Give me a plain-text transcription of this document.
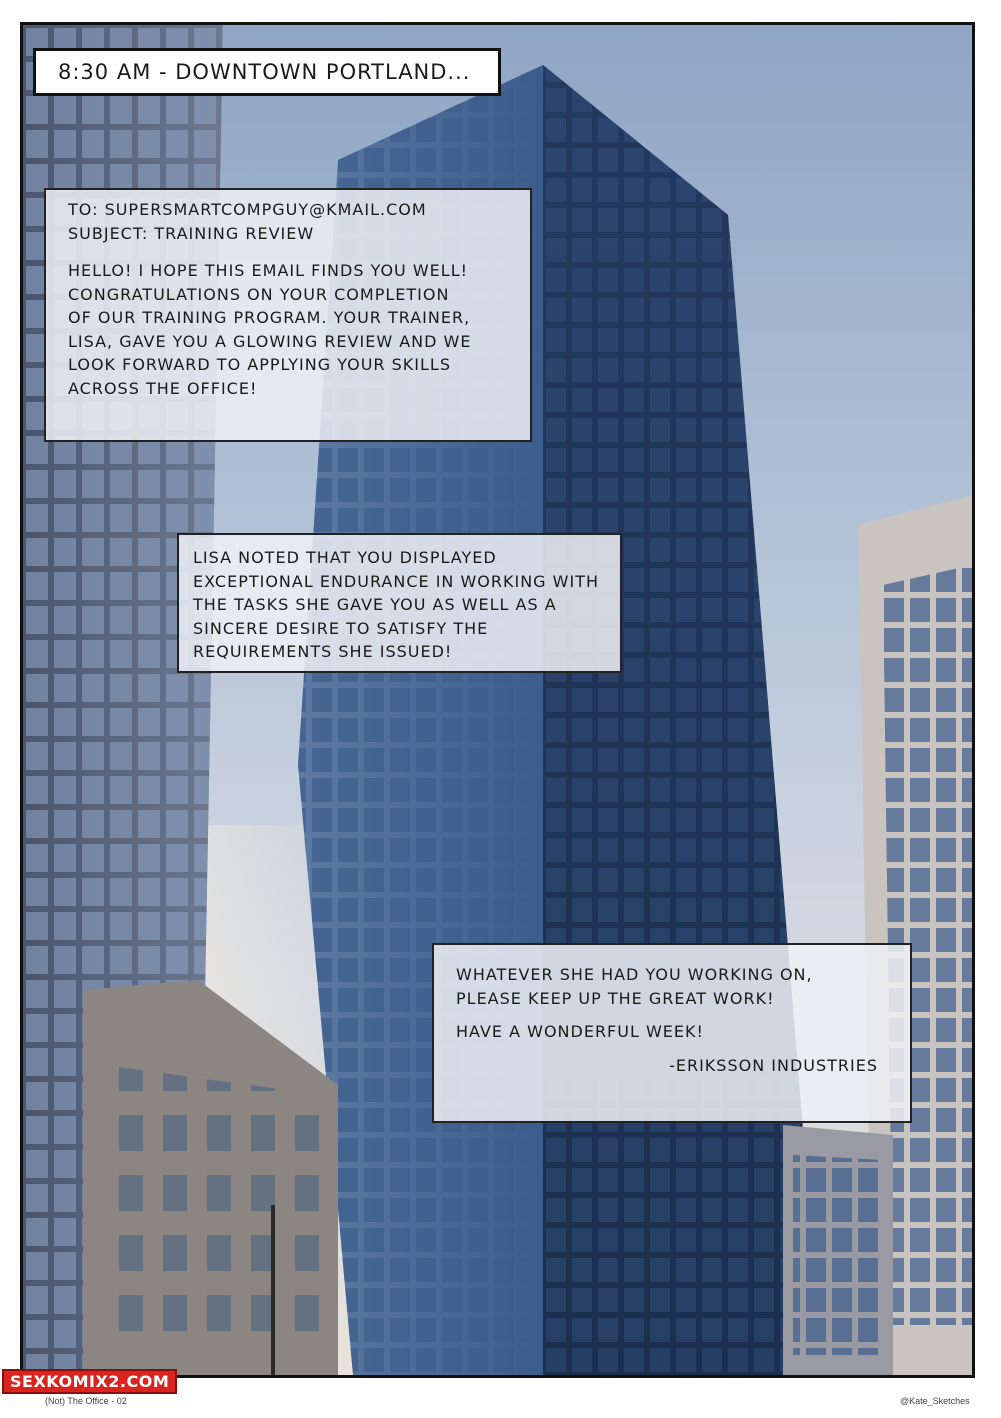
8:30 AM - DOWNTOWN PORTLAND...
TO: SUPERSMARTCOMPGUY@KMAIL.COM
SUBJECT: TRAINING REVIEW
HELLO! I HOPE THIS EMAIL FINDS YOU WELL!
CONGRATULATIONS ON YOUR COMPLETION
OF OUR TRAINING PROGRAM. YOUR TRAINER,
LISA, GAVE YOU A GLOWING REVIEW AND WE
LOOK FORWARD TO APPLYING YOUR SKILLS
ACROSS THE OFFICE!
LISA NOTED THAT YOU DISPLAYED
EXCEPTIONAL ENDURANCE IN WORKING WITH
THE TASKS SHE GAVE YOU AS WELL AS A
SINCERE DESIRE TO SATISFY THE
REQUIREMENTS SHE ISSUED!
WHATEVER SHE HAD YOU WORKING ON,
PLEASE KEEP UP THE GREAT WORK!
HAVE A WONDERFUL WEEK!
-ERIKSSON INDUSTRIES
SEXKOMIX2.COM
(Not) The Office - 02	@Kate_Sketches
